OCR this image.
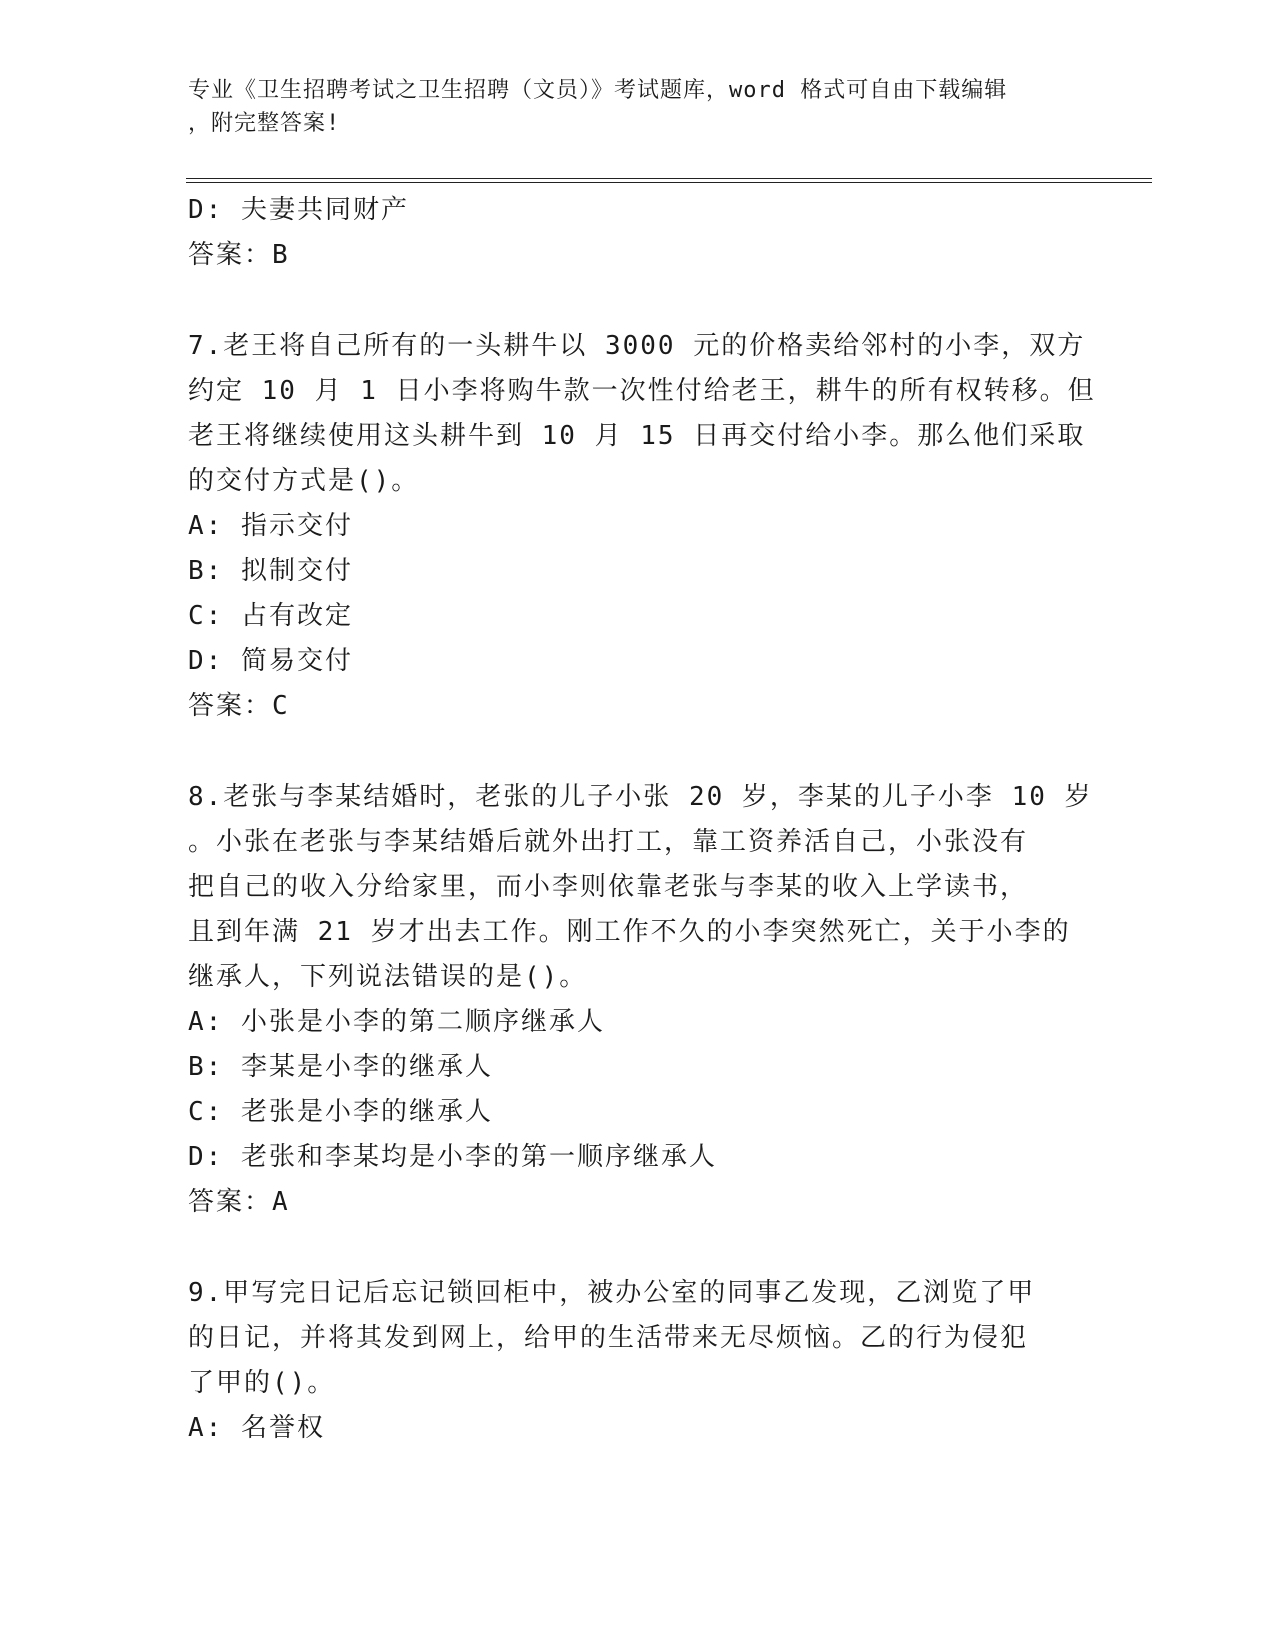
专业《卫生招聘考试之卫生招聘（文员）》考试题库，word 格式可自由下载编辑
，附完整答案!
D: 夫妻共同财产
答案：B
7.老王将自己所有的一头耕牛以 3000 元的价格卖给邻村的小李，双方
约定 10 月 1 日小李将购牛款一次性付给老王，耕牛的所有权转移。但
老王将继续使用这头耕牛到 10 月 15 日再交付给小李。那么他们采取
的交付方式是()。
A: 指示交付
B: 拟制交付
C: 占有改定
D: 简易交付
答案：C
8.老张与李某结婚时，老张的儿子小张 20 岁，李某的儿子小李 10 岁
。小张在老张与李某结婚后就外出打工，靠工资养活自己，小张没有
把自己的收入分给家里，而小李则依靠老张与李某的收入上学读书，
且到年满 21 岁才出去工作。刚工作不久的小李突然死亡，关于小李的
继承人，下列说法错误的是()。
A: 小张是小李的第二顺序继承人
B: 李某是小李的继承人
C: 老张是小李的继承人
D: 老张和李某均是小李的第一顺序继承人
答案：A
9.甲写完日记后忘记锁回柜中，被办公室的同事乙发现，乙浏览了甲
的日记，并将其发到网上，给甲的生活带来无尽烦恼。乙的行为侵犯
了甲的()。
A: 名誉权
